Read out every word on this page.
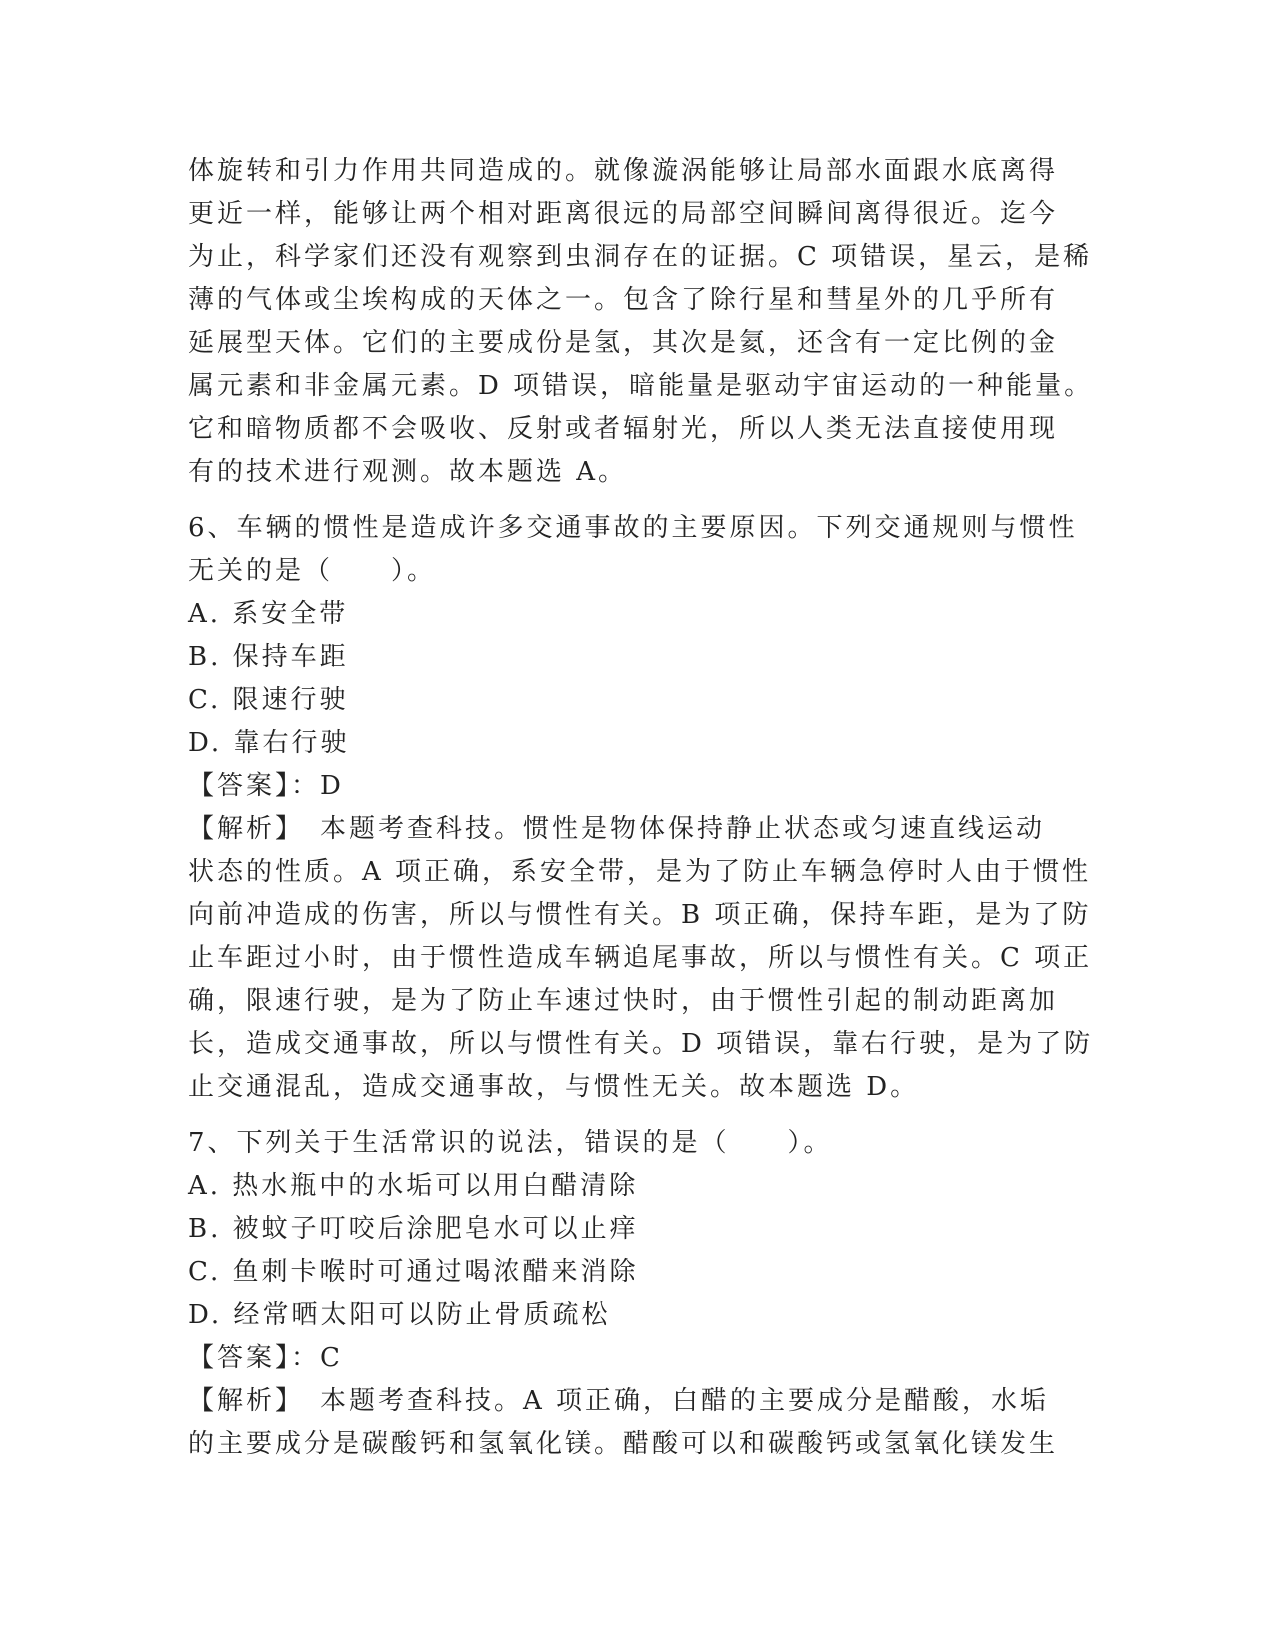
体旋转和引力作用共同造成的。就像漩涡能够让局部水面跟水底离得
更近一样，能够让两个相对距离很远的局部空间瞬间离得很近。迄今
为止，科学家们还没有观察到虫洞存在的证据。C 项错误，星云，是稀
薄的气体或尘埃构成的天体之一。包含了除行星和彗星外的几乎所有
延展型天体。它们的主要成份是氢，其次是氦，还含有一定比例的金
属元素和非金属元素。D 项错误，暗能量是驱动宇宙运动的一种能量。
它和暗物质都不会吸收、反射或者辐射光，所以人类无法直接使用现
有的技术进行观测。故本题选 A。
6、车辆的惯性是造成许多交通事故的主要原因。下列交通规则与惯性
无关的是（　　）。
A. 系安全带
B. 保持车距
C. 限速行驶
D. 靠右行驶
【答案】：D
【解析】　本题考查科技。惯性是物体保持静止状态或匀速直线运动
状态的性质。A 项正确，系安全带，是为了防止车辆急停时人由于惯性
向前冲造成的伤害，所以与惯性有关。B 项正确，保持车距，是为了防
止车距过小时，由于惯性造成车辆追尾事故，所以与惯性有关。C 项正
确，限速行驶，是为了防止车速过快时，由于惯性引起的制动距离加
长，造成交通事故，所以与惯性有关。D 项错误，靠右行驶，是为了防
止交通混乱，造成交通事故，与惯性无关。故本题选 D。
7、下列关于生活常识的说法，错误的是（　　）。
A. 热水瓶中的水垢可以用白醋清除
B. 被蚊子叮咬后涂肥皂水可以止痒
C. 鱼刺卡喉时可通过喝浓醋来消除
D. 经常晒太阳可以防止骨质疏松
【答案】：C
【解析】　本题考查科技。A 项正确，白醋的主要成分是醋酸，水垢
的主要成分是碳酸钙和氢氧化镁。醋酸可以和碳酸钙或氢氧化镁发生
